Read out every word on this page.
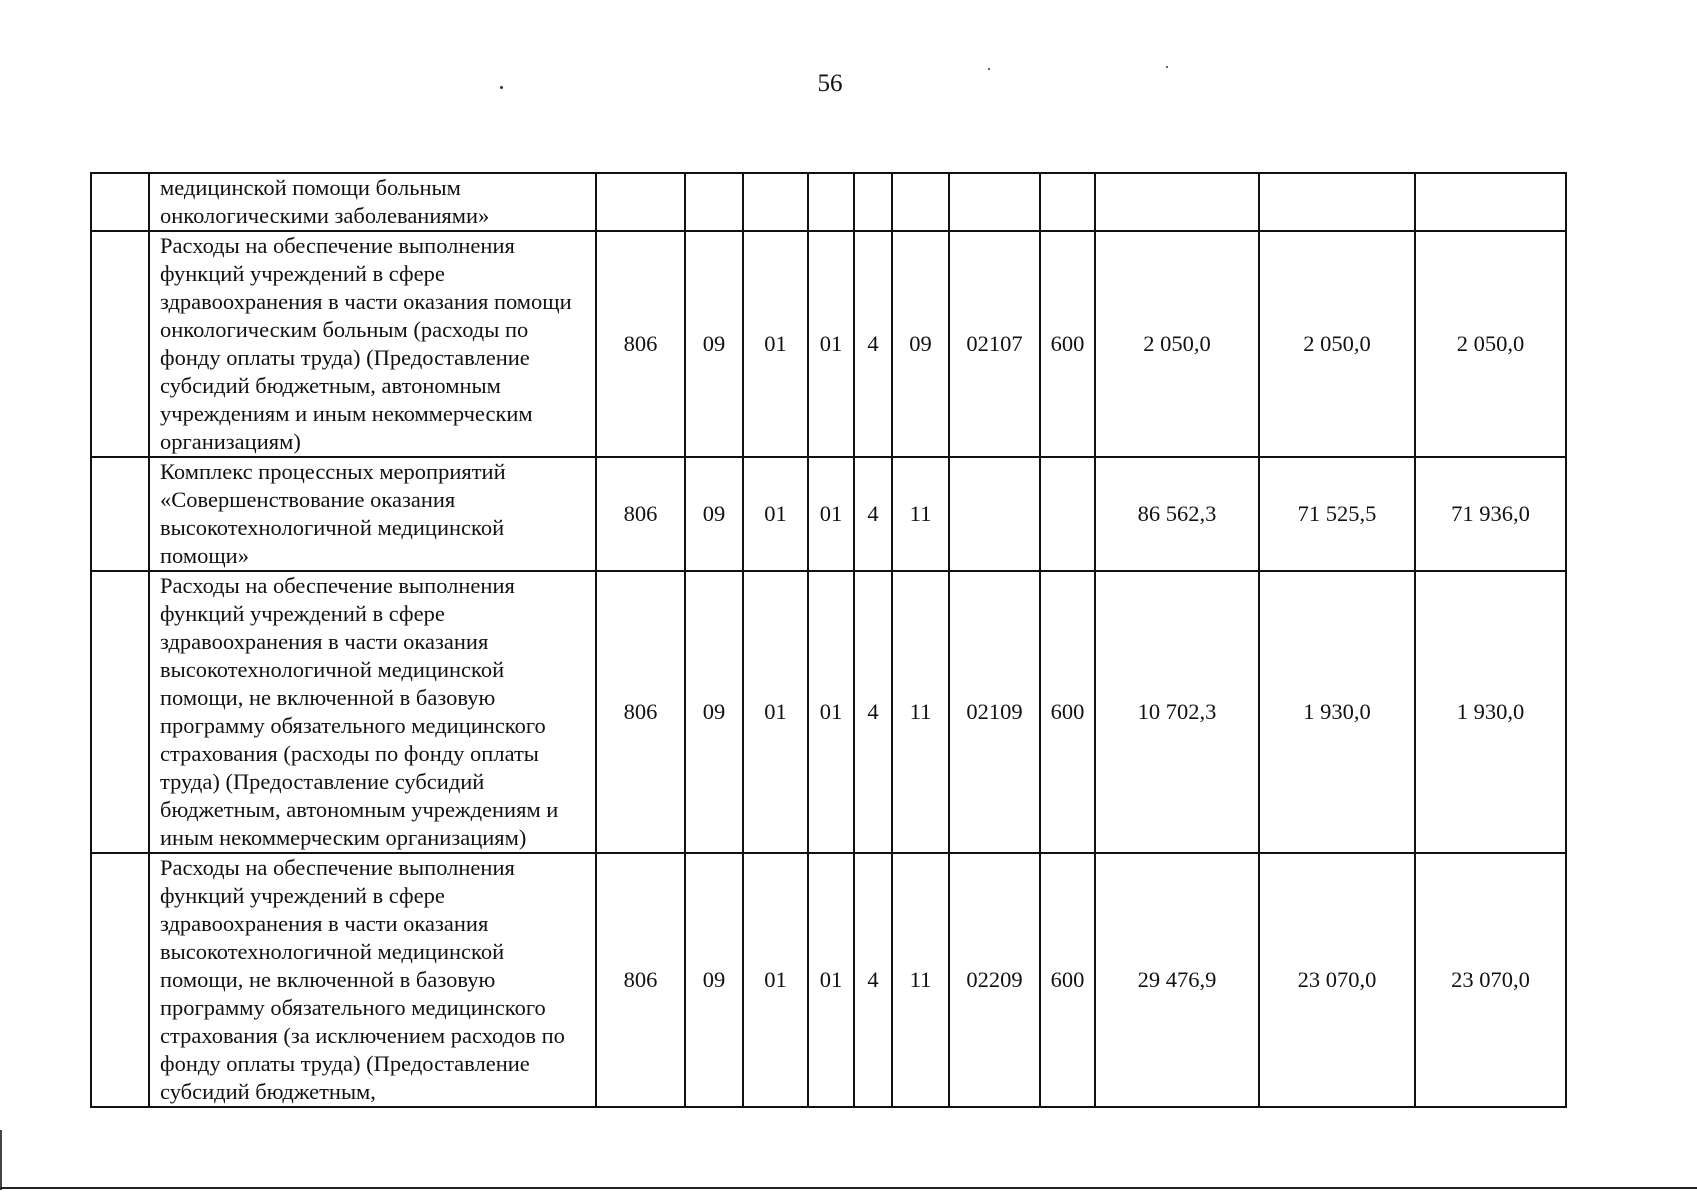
56
	медицинской помощи больным онкологическими заболеваниями»											
	Расходы на обеспечение выполнения функций учреждений в сфере здравоохранения в части оказания помощи онкологическим больным (расходы по фонду оплаты труда) (Предоставление субсидий бюджетным, автономным учреждениям и иным некоммерческим организациям)	806	09	01	01	4	09	02107	600	2 050,0	2 050,0	2 050,0
	Комплекс процессных мероприятий «Совершенствование оказания высокотехнологичной медицинской помощи»	806	09	01	01	4	11			86 562,3	71 525,5	71 936,0
	Расходы на обеспечение выполнения функций учреждений в сфере здравоохранения в части оказания высокотехнологичной медицинской помощи, не включенной в базовую программу обязательного медицинского страхования (расходы по фонду оплаты труда) (Предоставление субсидий бюджетным, автономным учреждениям и иным некоммерческим организациям)	806	09	01	01	4	11	02109	600	10 702,3	1 930,0	1 930,0
	Расходы на обеспечение выполнения функций учреждений в сфере здравоохранения в части оказания высокотехнологичной медицинской помощи, не включенной в базовую программу обязательного медицинского страхования (за исключением расходов по фонду оплаты труда) (Предоставление субсидий бюджетным,	806	09	01	01	4	11	02209	600	29 476,9	23 070,0	23 070,0
